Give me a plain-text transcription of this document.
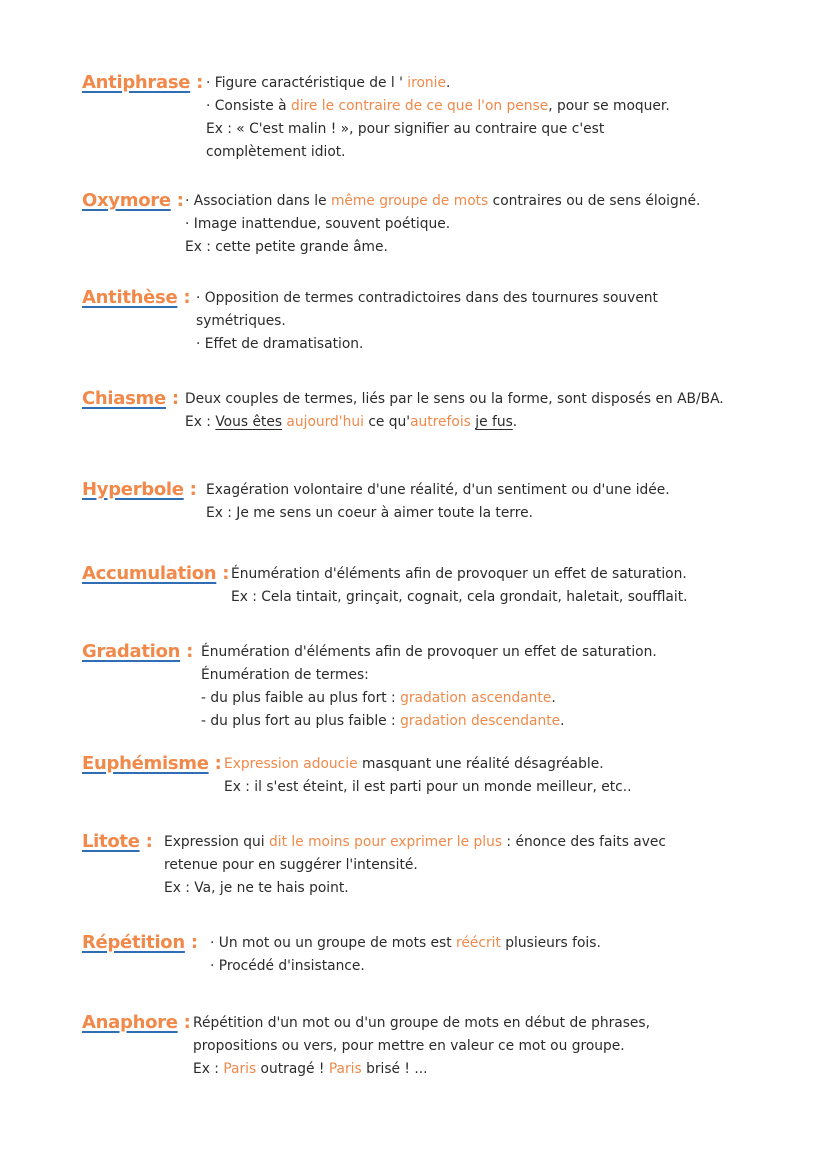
Antiphrase : · Figure caractéristique de l ' ironie.
· Consiste à dire le contraire de ce que l'on pense, pour se moquer.
Ex : « C'est malin ! », pour signifier au contraire que c'est
complètement idiot.
Oxymore : · Association dans le même groupe de mots contraires ou de sens éloigné.
· Image inattendue, souvent poétique.
Ex : cette petite grande âme.
Antithèse : · Opposition de termes contradictoires dans des tournures souvent
symétriques.
· Effet de dramatisation.
Chiasme : Deux couples de termes, liés par le sens ou la forme, sont disposés en AB/BA.
Ex : Vous êtes aujourd'hui ce qu'autrefois je fus.
Hyperbole : Exagération volontaire d'une réalité, d'un sentiment ou d'une idée.
Ex : Je me sens un coeur à aimer toute la terre.
Accumulation : Énumération d'éléments afin de provoquer un effet de saturation.
Ex : Cela tintait, grinçait, cognait, cela grondait, haletait, soufflait.
Gradation : Énumération d'éléments afin de provoquer un effet de saturation.
Énumération de termes:
- du plus faible au plus fort : gradation ascendante.
- du plus fort au plus faible : gradation descendante.
Euphémisme : Expression adoucie masquant une réalité désagréable.
Ex : il s'est éteint, il est parti pour un monde meilleur, etc..
Litote : Expression qui dit le moins pour exprimer le plus : énonce des faits avec
retenue pour en suggérer l'intensité.
Ex : Va, je ne te hais point.
Répétition : · Un mot ou un groupe de mots est réécrit plusieurs fois.
· Procédé d'insistance.
Anaphore : Répétition d'un mot ou d'un groupe de mots en début de phrases,
propositions ou vers, pour mettre en valeur ce mot ou groupe.
Ex : Paris outragé ! Paris brisé ! ...
